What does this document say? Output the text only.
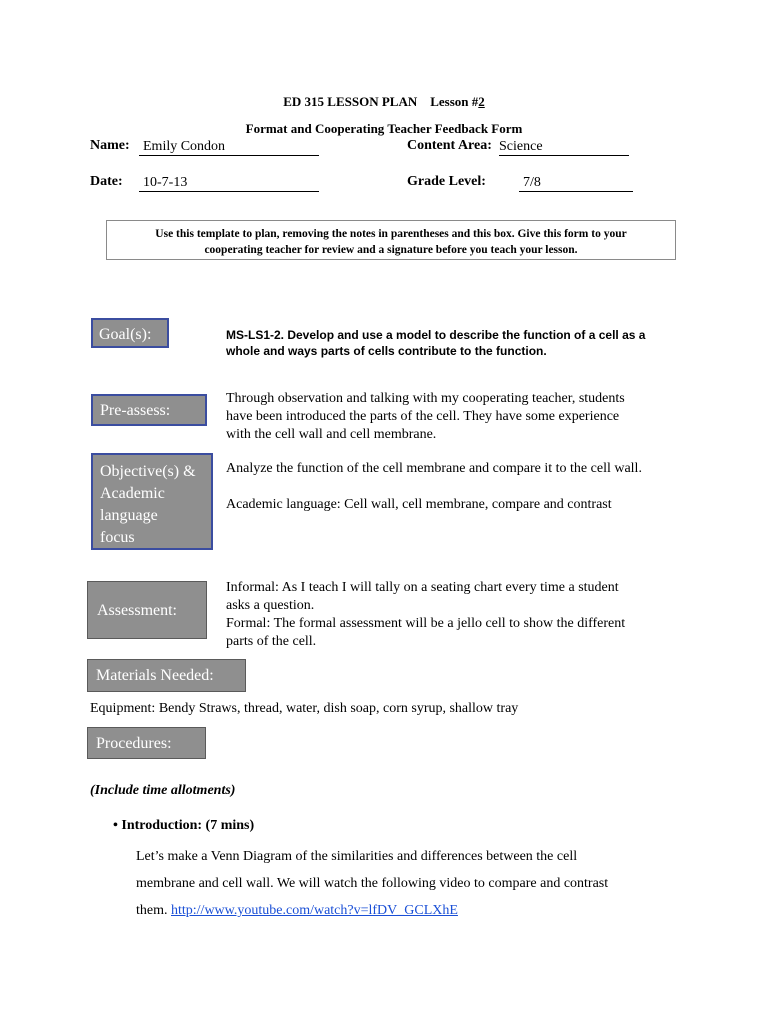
ED 315 LESSON PLAN Lesson #2
Format and Cooperating Teacher Feedback Form
Name: Emily Condon	Content Area: Science
Date: 10-7-13	Grade Level:	7/8
Use this template to plan, removing the notes in parentheses and this box. Give this form to your
cooperating teacher for review and a signature before you teach your lesson.
Goal(s):	MS-LS1-2. Develop and use a model to describe the function of a cell as a
whole and ways parts of cells contribute to the function.
Pre-assess:
Through observation and talking with my cooperating teacher, students
have been introduced the parts of the cell. They have some experience
with the cell wall and cell membrane.
Objective(s) &
Academic
language
focus
Analyze the function of the cell membrane and compare it to the cell wall.
Academic language: Cell wall, cell membrane, compare and contrast
Assessment:
Informal: As I teach I will tally on a seating chart every time a student
asks a question.
Formal: The formal assessment will be a jello cell to show the different
parts of the cell.
Materials Needed:
Equipment: Bendy Straws, thread, water, dish soap, corn syrup, shallow tray
Procedures:
(Include time allotments)
• Introduction: (7 mins)
Let’s make a Venn Diagram of the similarities and differences between the cell
membrane and cell wall. We will watch the following video to compare and contrast
them. http://www.youtube.com/watch?v=lfDV_GCLXhE
